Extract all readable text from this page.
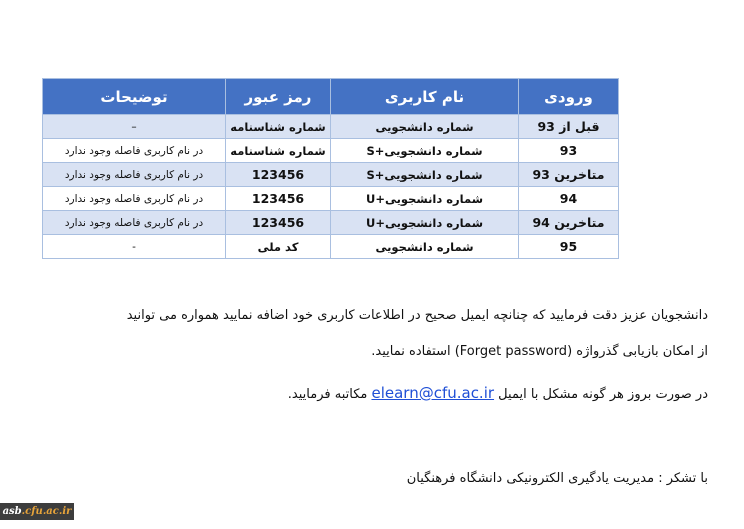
ورودی	نام کاربری	رمز عبور	توضیحات
قبل از 93	شماره دانشجویی	شماره شناسنامه	–
93	شماره دانشجویی+S	شماره شناسنامه	در نام کاربری فاصله وجود ندارد
متاخرین 93	شماره دانشجویی+S	123456	در نام کاربری فاصله وجود ندارد
94	شماره دانشجویی+U	123456	در نام کاربری فاصله وجود ندارد
متاخرین 94	شماره دانشجویی+U	123456	در نام کاربری فاصله وجود ندارد
95	شماره دانشجویی	کد ملی	-
دانشجویان عزیز دقت فرمایید که چنانچه ایمیل صحیح در اطلاعات کاربری خود اضافه نمایید همواره می توانید
از امکان بازیابی گذرواژه (Forget password) استفاده نمایید.
در صورت بروز هر گونه مشکل با ایمیل elearn@cfu.ac.ir مکاتبه فرمایید.
با تشکر : مدیریت یادگیری الکترونیکی دانشگاه فرهنگیان
asb.cfu.ac.ir
